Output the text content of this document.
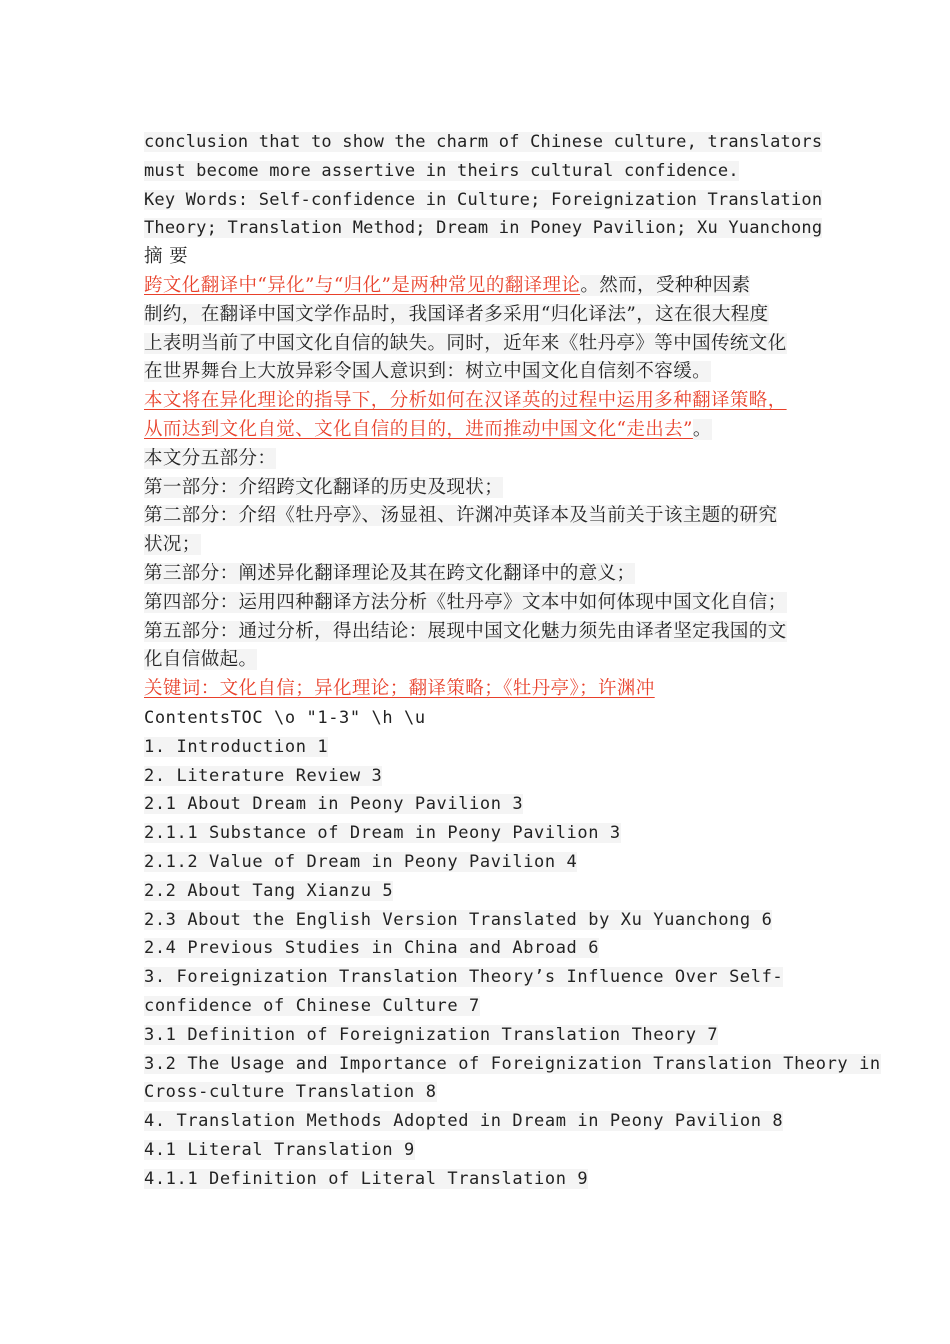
conclusion that to show the charm of Chinese culture, translators
must become more assertive in theirs cultural confidence.
Key Words: Self-confidence in Culture; Foreignization Translation
Theory; Translation Method; Dream in Poney Pavilion; Xu Yuanchong
摘 要
跨文化翻译中“异化”与“归化”是两种常见的翻译理论。然而，受种种因素
制约，在翻译中国文学作品时，我国译者多采用“归化译法”，这在很大程度
上表明当前了中国文化自信的缺失。同时，近年来《牡丹亭》等中国传统文化
在世界舞台上大放异彩令国人意识到：树立中国文化自信刻不容缓。
本文将在异化理论的指导下，分析如何在汉译英的过程中运用多种翻译策略，
从而达到文化自觉、文化自信的目的，进而推动中国文化“走出去”。
本文分五部分：
第一部分：介绍跨文化翻译的历史及现状；
第二部分：介绍《牡丹亭》、汤显祖、许渊冲英译本及当前关于该主题的研究
状况；
第三部分：阐述异化翻译理论及其在跨文化翻译中的意义；
第四部分：运用四种翻译方法分析《牡丹亭》文本中如何体现中国文化自信；
第五部分：通过分析，得出结论：展现中国文化魅力须先由译者坚定我国的文
化自信做起。
关键词：文化自信；异化理论；翻译策略；《牡丹亭》；许渊冲
ContentsTOC \o "1-3" \h \u
1. Introduction 1
2. Literature Review 3
2.1 About Dream in Peony Pavilion 3
2.1.1 Substance of Dream in Peony Pavilion 3
2.1.2 Value of Dream in Peony Pavilion 4
2.2 About Tang Xianzu 5
2.3 About the English Version Translated by Xu Yuanchong 6
2.4 Previous Studies in China and Abroad 6
3. Foreignization Translation Theory’s Influence Over Self-
confidence of Chinese Culture 7
3.1 Definition of Foreignization Translation Theory 7
3.2 The Usage and Importance of Foreignization Translation Theory in
Cross-culture Translation 8
4. Translation Methods Adopted in Dream in Peony Pavilion 8
4.1 Literal Translation 9
4.1.1 Definition of Literal Translation 9
